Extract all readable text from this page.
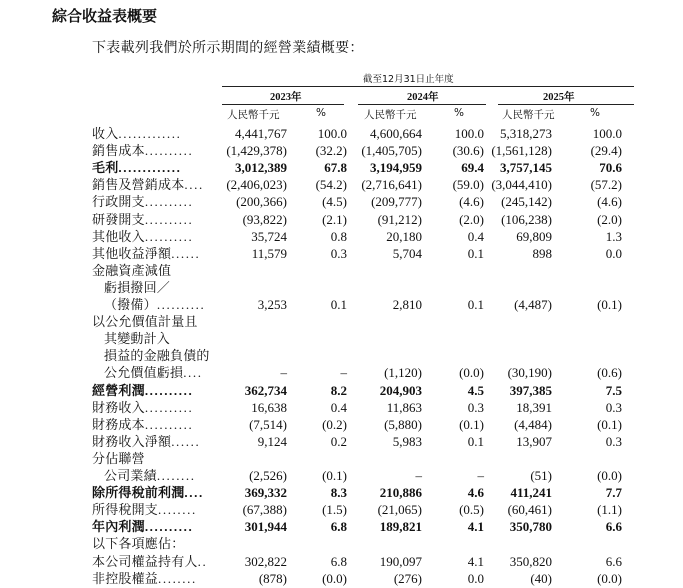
綜合收益表概要
下表載列我們於所示期間的經營業績概要：
截至12月31日止年度
2023年	2024年	2025年
人民幣千元	%	人民幣千元	%	人民幣千元	%
收入.............	4,441,767 100.0 4,600,664	100.0 5,318,273	100.0
銷售成本..........	(1,429,378) (32.2) (1,405,705) (30.6) (1,561,128)	(29.4)
毛利.............	3,012,389	67.8 3,194,959	69.4 3,757,145	70.6
銷售及營銷成本.... (2,406,023) (54.2) (2,716,641) (59.0) (3,044,410)	(57.2)
行政開支..........	(200,366)	(4.5) (209,777)	(4.6) (245,142)	(4.6)
研發開支..........	(93,822)	(2.1) (91,212)	(2.0) (106,238)	(2.0)
其他收入..........	35,724	0.8	20,180	0.4 69,809	1.3
其他收益淨額......	11,579	0.3	5,704	0.1	898	0.0
金融資產減值
虧損撥回／
（撥備）..........	3,253	0.1	2,810	0.1 (4,487)	(0.1)
以公允價值計量且
其變動計入
損益的金融負債的
公允價值虧損....	–	–	(1,120)	(0.0) (30,190)	(0.6)
經營利潤..........	362,734	8.2	204,903	4.5 397,385	7.5
財務收入..........	16,638	0.4	11,863	0.3 18,391	0.3
財務成本..........	(7,514)	(0.2)	(5,880)	(0.1) (4,484)	(0.1)
財務收入淨額......	9,124	0.2	5,983	0.1 13,907	0.3
分佔聯營
公司業績........	(2,526)	(0.1)	–	–	(51)	(0.0)
除所得稅前利潤....	369,332	8.3	210,886	4.6 411,241	7.7
所得稅開支........	(67,388)	(1.5) (21,065)	(0.5) (60,461)	(1.1)
年內利潤..........	301,944	6.8	189,821	4.1 350,780	6.6
以下各項應佔：
本公司權益持有人..	302,822	6.8	190,097	4.1 350,820	6.6
非控股權益........	(878)	(0.0)	(276)	0.0	(40)	(0.0)
